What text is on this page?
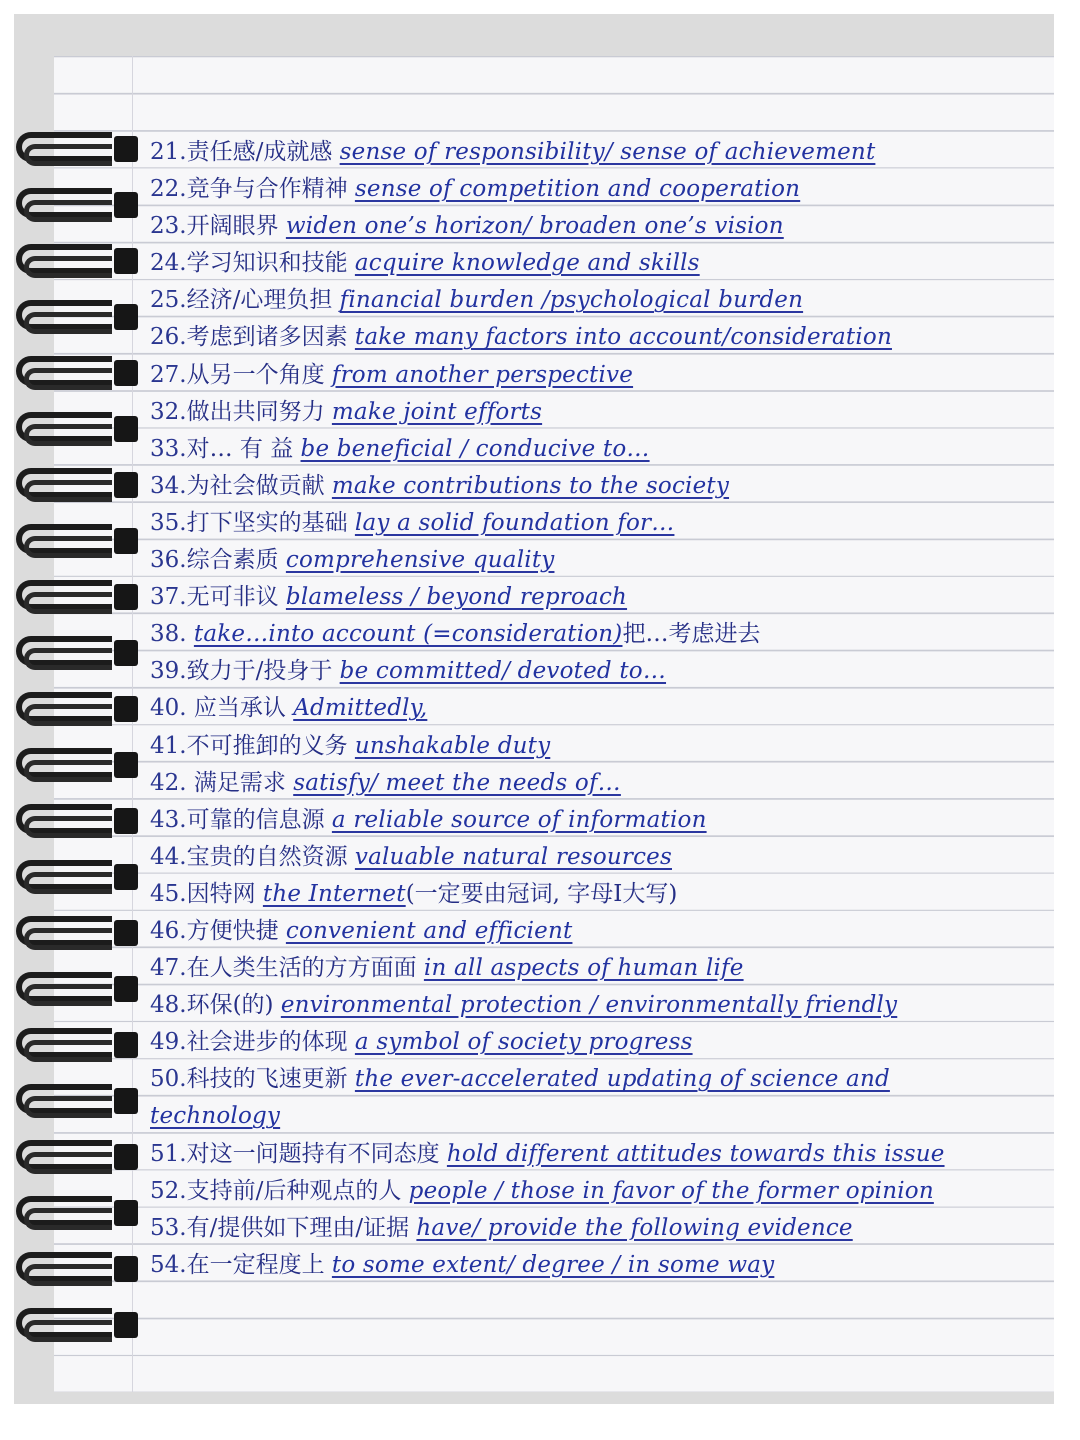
21.责任感/成就感 sense of responsibility/ sense of achievement
22.竞争与合作精神 sense of competition and cooperation
23.开阔眼界 widen one’s horizon/ broaden one’s vision
24.学习知识和技能 acquire knowledge and skills
25.经济/心理负担 financial burden /psychological burden
26.考虑到诸多因素 take many factors into account/consideration
27.从另一个角度 from another perspective
32.做出共同努力 make joint efforts
33.对… 有 益 be beneficial / conducive to…
34.为社会做贡献 make contributions to the society
35.打下坚实的基础 lay a solid foundation for…
36.综合素质 comprehensive quality
37.无可非议 blameless / beyond reproach
38. take…into account (=consideration)把…考虑进去
39.致力于/投身于 be committed/ devoted to…
40. 应当承认 Admittedly,
41.不可推卸的义务 unshakable duty
42. 满足需求 satisfy/ meet the needs of…
43.可靠的信息源 a reliable source of information
44.宝贵的自然资源 valuable natural resources
45.因特网 the Internet(一定要由冠词, 字母I大写)
46.方便快捷 convenient and efficient
47.在人类生活的方方面面 in all aspects of human life
48.环保(的) environmental protection / environmentally friendly
49.社会进步的体现 a symbol of society progress
50.科技的飞速更新 the ever-accelerated updating of science and technology
51.对这一问题持有不同态度 hold different attitudes towards this issue
52.支持前/后种观点的人 people / those in favor of the former opinion
53.有/提供如下理由/证据 have/ provide the following evidence
54.在一定程度上 to some extent/ degree / in some way
